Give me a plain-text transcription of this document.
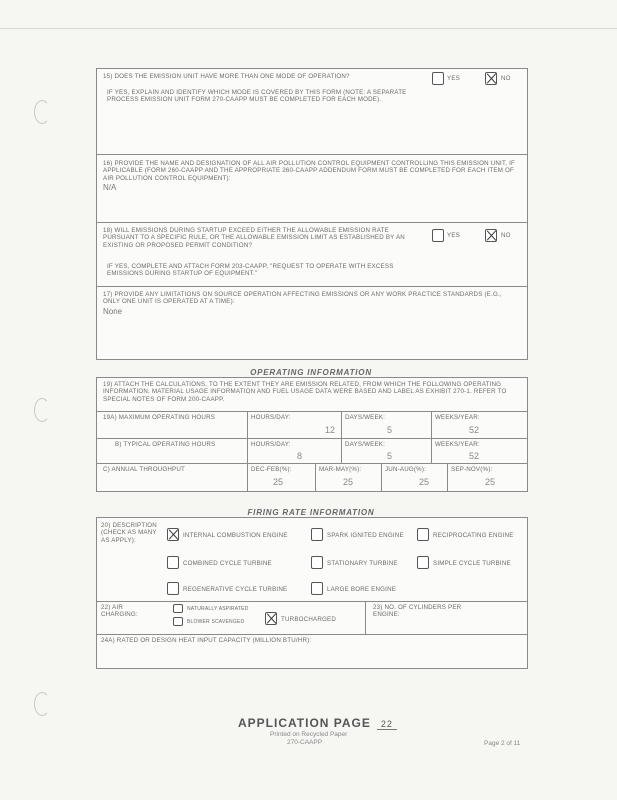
15) DOES THE EMISSION UNIT HAVE MORE THAN ONE MODE OF OPERATION?	YES	NO
IF YES, EXPLAIN AND IDENTIFY WHICH MODE IS COVERED BY THIS FORM (NOTE: A SEPARATE PROCESS EMISSION UNIT FORM 270-CAAPP MUST BE COMPLETED FOR EACH MODE).
16) PROVIDE THE NAME AND DESIGNATION OF ALL AIR POLLUTION CONTROL EQUIPMENT CONTROLLING THIS EMISSION UNIT, IF APPLICABLE (FORM 260-CAAPP AND THE APPROPRIATE 260-CAAPP ADDENDUM FORM MUST BE COMPLETED FOR EACH ITEM OF AIR POLLUTION CONTROL EQUIPMENT):
N/A
18) WILL EMISSIONS DURING STARTUP EXCEED EITHER THE ALLOWABLE EMISSION RATE PURSUANT TO A SPECIFIC RULE, OR THE ALLOWABLE EMISSION LIMIT AS ESTABLISHED BY AN EXISTING OR PROPOSED PERMIT CONDITION?
YES	NO
IF YES, COMPLETE AND ATTACH FORM 203-CAAPP, "REQUEST TO OPERATE WITH EXCESS EMISSIONS DURING STARTUP OF EQUIPMENT."
17) PROVIDE ANY LIMITATIONS ON SOURCE OPERATION AFFECTING EMISSIONS OR ANY WORK PRACTICE STANDARDS (E.G., ONLY ONE UNIT IS OPERATED AT A TIME):
None
OPERATING INFORMATION
19) ATTACH THE CALCULATIONS, TO THE EXTENT THEY ARE EMISSION RELATED, FROM WHICH THE FOLLOWING OPERATING INFORMATION, MATERIAL USAGE INFORMATION AND FUEL USAGE DATA WERE BASED AND LABEL AS EXHIBIT 270-1. REFER TO SPECIAL NOTES OF FORM 200-CAAPP.
19A) MAXIMUM OPERATING HOURS	HOURS/DAY:	DAYS/WEEK:	WEEKS/YEAR:
12	5	52
B) TYPICAL OPERATING HOURS	HOURS/DAY:	DAYS/WEEK:	WEEKS/YEAR:
8	5	52
C) ANNUAL THROUGHPUT	DEC-FEB(%):	MAR-MAY(%):	JUN-AUG(%):	SEP-NOV(%):
25	25	25	25
FIRING RATE INFORMATION
20) DESCRIPTION (CHECK AS MANY AS APPLY):
INTERNAL COMBUSTION ENGINE	SPARK IGNITED ENGINE	RECIPROCATING ENGINE
COMBINED CYCLE TURBINE	STATIONARY TURBINE	SIMPLE CYCLE TURBINE
REGENERATIVE CYCLE TURBINE	LARGE BORE ENGINE
22) AIR CHARGING:
NATURALLY ASPIRATED
BLOWER SCAVENGED	TURBOCHARGED
23) NO. OF CYLINDERS PER ENGINE:
24A) RATED OR DESIGN HEAT INPUT CAPACITY (MILLION BTU/HR):
APPLICATION PAGE 22
Printed on Recycled Paper
270-CAAPP	Page 2 of 11
